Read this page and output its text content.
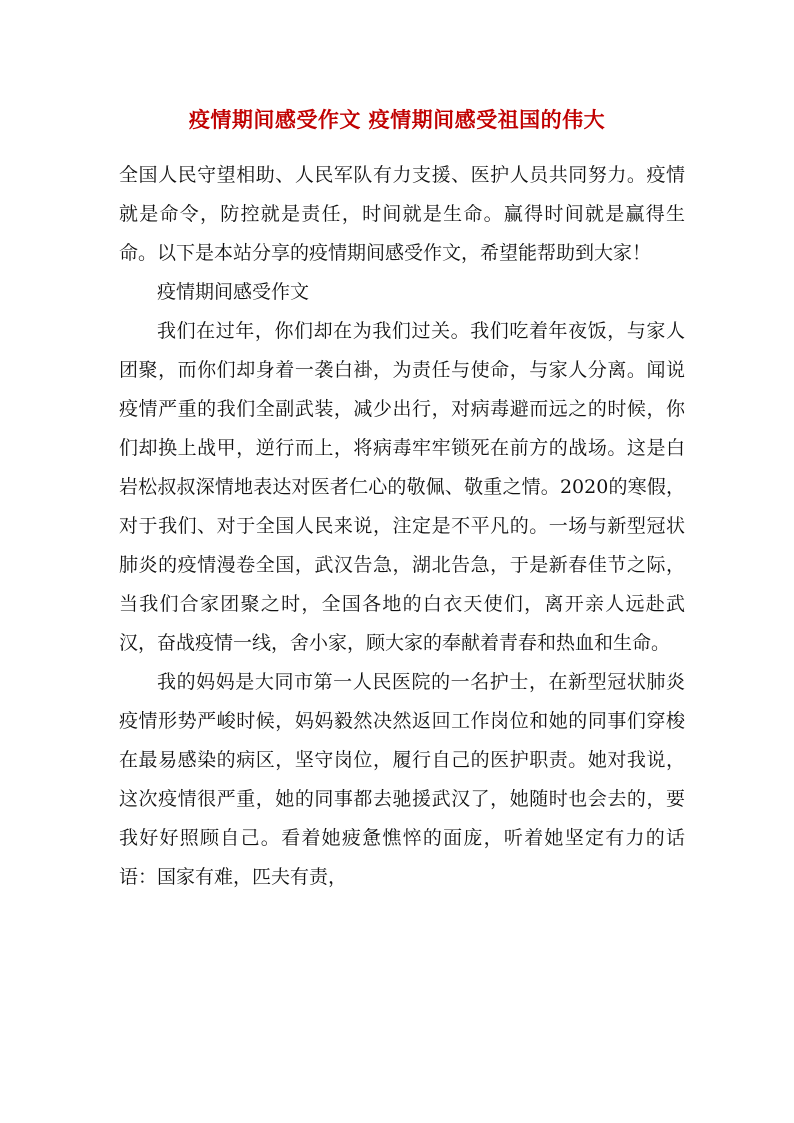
疫情期间感受作文 疫情期间感受祖国的伟大

全国人民守望相助、人民军队有力支援、医护人员共同努力。疫情就是命令，防控就是责任，时间就是生命。赢得时间就是赢得生命。以下是本站分享的疫情期间感受作文，希望能帮助到大家！

疫情期间感受作文

我们在过年，你们却在为我们过关。我们吃着年夜饭，与家人团聚，而你们却身着一袭白褂，为责任与使命，与家人分离。闻说疫情严重的我们全副武装，减少出行，对病毒避而远之的时候，你们却换上战甲，逆行而上，将病毒牢牢锁死在前方的战场。这是白岩松叔叔深情地表达对医者仁心的敬佩、敬重之情。2020的寒假，对于我们、对于全国人民来说，注定是不平凡的。一场与新型冠状肺炎的疫情漫卷全国，武汉告急，湖北告急，于是新春佳节之际，当我们合家团聚之时，全国各地的白衣天使们，离开亲人远赴武汉，奋战疫情一线，舍小家，顾大家的奉献着青春和热血和生命。

我的妈妈是大同市第一人民医院的一名护士，在新型冠状肺炎疫情形势严峻时候，妈妈毅然决然返回工作岗位和她的同事们穿梭在最易感染的病区，坚守岗位，履行自己的医护职责。她对我说，这次疫情很严重，她的同事都去驰援武汉了，她随时也会去的，要我好好照顾自己。看着她疲惫憔悴的面庞，听着她坚定有力的话语：国家有难，匹夫有责，
